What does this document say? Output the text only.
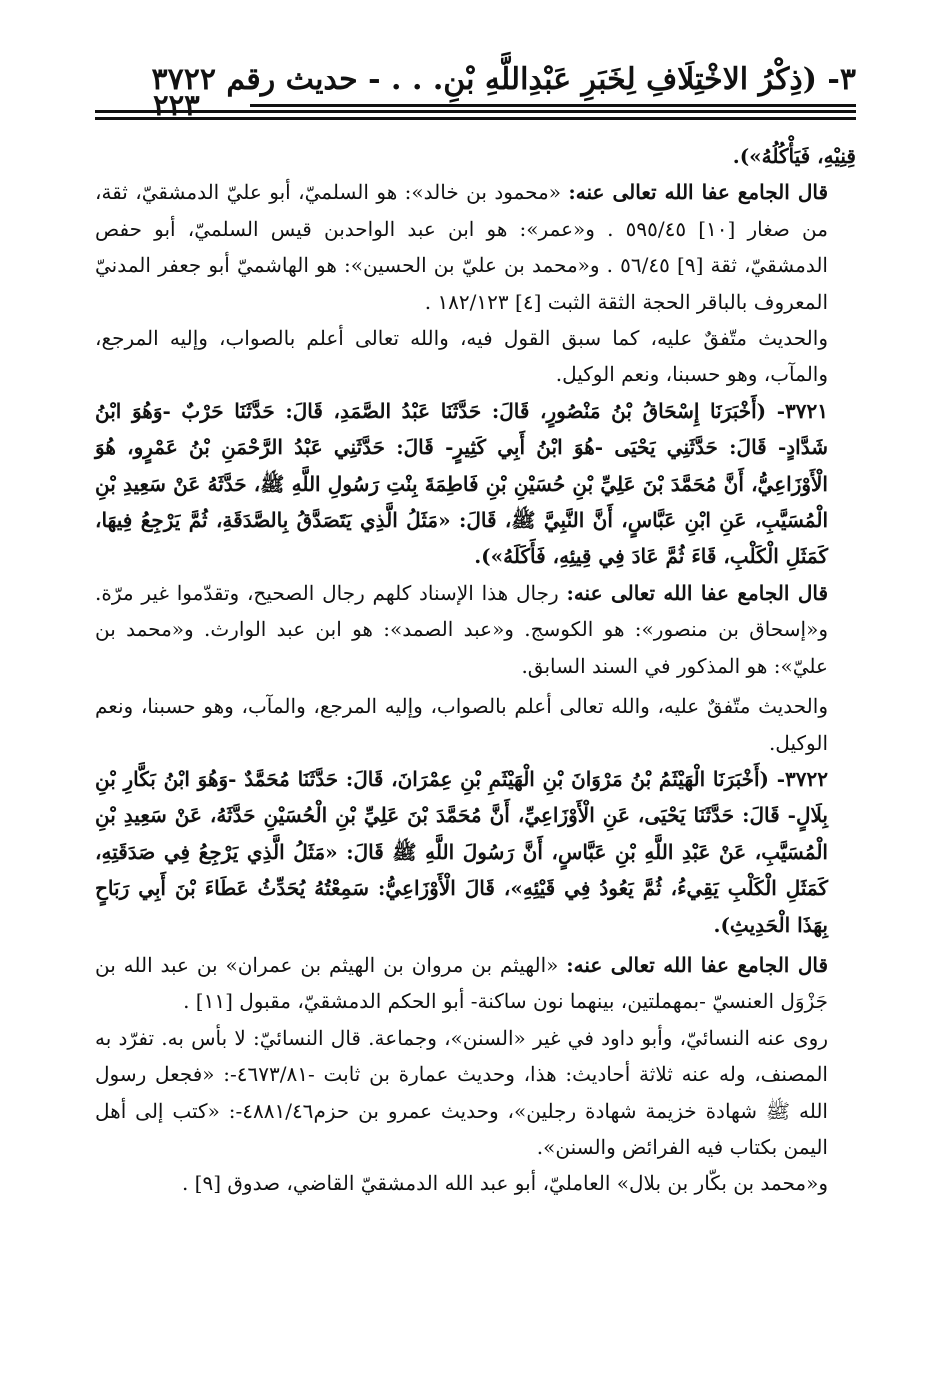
٣- (ذِكْرُ الاخْتِلَافِ لِخَبَرِ عَبْدِاللَّهِ بْنِ. . . - حديث رقم ٣٧٢٢
٢٢٣

قِنِيْهِ، فَيَأْكُلُهُ»).

قال الجامع عفا الله تعالى عنه: «محمود بن خالد»: هو السلميّ، أبو عليّ الدمشقيّ، ثقة، من صغار [١٠] ٥٩٥/٤٥ . و«عمر»: هو ابن عبد الواحدبن قيس السلميّ، أبو حفص الدمشقيّ، ثقة [٩] ٥٦/٤٥ . و«محمد بن عليّ بن الحسين»: هو الهاشميّ أبو جعفر المدنيّ المعروف بالباقر الحجة الثقة الثبت [٤] ١٨٢/١٢٣ .

والحديث متّفقٌ عليه، كما سبق القول فيه، والله تعالى أعلم بالصواب، وإليه المرجع، والمآب، وهو حسبنا، ونعم الوكيل.

٣٧٢١- (أَخْبَرَنَا إِسْحَاقُ بْنُ مَنْصُورٍ، قَالَ: حَدَّثَنَا عَبْدُ الصَّمَدِ، قَالَ: حَدَّثَنَا حَرْبٌ -وَهُوَ ابْنُ شَدَّادٍ- قَالَ: حَدَّثَنِي يَحْيَى -هُوَ ابْنُ أَبِي كَثِيرٍ- قَالَ: حَدَّثَنِي عَبْدُ الرَّحْمَنِ بْنُ عَمْرٍو، هُوَ الْأَوْزَاعِيُّ، أَنَّ مُحَمَّدَ بْنَ عَلِيِّ بْنِ حُسَيْنِ بْنِ فَاطِمَةَ بِنْتِ رَسُولِ اللَّهِ ﷺ، حَدَّثَهُ عَنْ سَعِيدِ بْنِ الْمُسَيَّبِ، عَنِ ابْنِ عَبَّاسٍ، أَنَّ النَّبِيَّ ﷺ، قَالَ: «مَثَلُ الَّذِي يَتَصَدَّقُ بِالصَّدَقَةِ، ثُمَّ يَرْجِعُ فِيهَا، كَمَثَلِ الْكَلْبِ، قَاءَ ثُمَّ عَادَ فِي قِيئِهِ، فَأَكَلَهُ»).

قال الجامع عفا الله تعالى عنه: رجال هذا الإسناد كلهم رجال الصحيح، وتقدّموا غير مرّة. و«إسحاق بن منصور»: هو الكوسج. و«عبد الصمد»: هو ابن عبد الوارث. و«محمد بن عليّ»: هو المذكور في السند السابق.

والحديث متّفقٌ عليه، والله تعالى أعلم بالصواب، وإليه المرجع، والمآب، وهو حسبنا، ونعم الوكيل.

٣٧٢٢- (أَخْبَرَنَا الْهَيْثَمُ بْنُ مَرْوَانَ بْنِ الْهَيْثَمِ بْنِ عِمْرَانَ، قَالَ: حَدَّثَنَا مُحَمَّدٌ -وَهُوَ ابْنُ بَكَّارِ بْنِ بِلَالٍ- قَالَ: حَدَّثَنَا يَحْيَى، عَنِ الْأَوْزَاعِيِّ، أَنَّ مُحَمَّدَ بْنَ عَلِيِّ بْنِ الْحُسَيْنِ حَدَّثَهُ، عَنْ سَعِيدِ بْنِ الْمُسَيَّبِ، عَنْ عَبْدِ اللَّهِ بْنِ عَبَّاسٍ، أَنَّ رَسُولَ اللَّهِ ﷺ قَالَ: «مَثَلُ الَّذِي يَرْجِعُ فِي صَدَقَتِهِ، كَمَثَلِ الْكَلْبِ يَقِيءُ، ثُمَّ يَعُودُ فِي قَيْئِهِ»، قَالَ الْأَوْزَاعِيُّ: سَمِعْتُهُ يُحَدِّثُ عَطَاءَ بْنَ أَبِي رَبَاحٍ بِهَذَا الْحَدِيثِ).

قال الجامع عفا الله تعالى عنه: «الهيثم بن مروان بن الهيثم بن عمران» بن عبد الله بن جَزْوَل العنسيّ -بمهملتين، بينهما نون ساكنة- أبو الحكم الدمشقيّ، مقبول [١١] .

روى عنه النسائيّ، وأبو داود في غير «السنن»، وجماعة. قال النسائيّ: لا بأس به. تفرّد به المصنف، وله عنه ثلاثة أحاديث: هذا، وحديث عمارة بن ثابت -٤٦٧٣/٨١-: «فجعل رسول الله ﷺ شهادة خزيمة شهادة رجلين»، وحديث عمرو بن حزم٤٨٨١/٤٦-: «كتب إلى أهل اليمن بكتاب فيه الفرائض والسنن».

و«محمد بن بكّار بن بلال» العامليّ، أبو عبد الله الدمشقيّ القاضي، صدوق [٩] .
